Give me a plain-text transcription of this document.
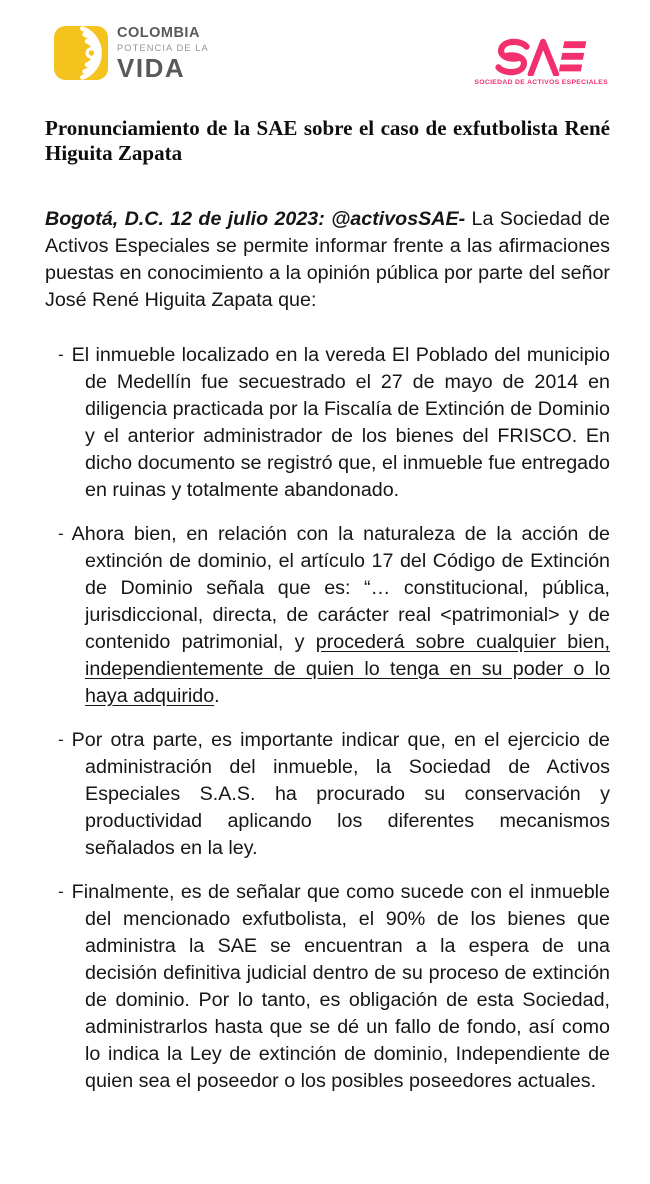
COLOMBIA
POTENCIA DE LA
VIDA	SOCIEDAD DE ACTIVOS ESPECIALES
Pronunciamiento de la SAE sobre el caso de exfutbolista René Higuita Zapata

Bogotá, D.C. 12 de julio 2023: @activosSAE- La Sociedad de Activos Especiales se permite informar frente a las afirmaciones puestas en conocimiento a la opinión pública por parte del señor José René Higuita Zapata que:

- El inmueble localizado en la vereda El Poblado del municipio de Medellín fue secuestrado el 27 de mayo de 2014 en diligencia practicada por la Fiscalía de Extinción de Dominio y el anterior administrador de los bienes del FRISCO. En dicho documento se registró que, el inmueble fue entregado en ruinas y totalmente abandonado.

- Ahora bien, en relación con la naturaleza de la acción de extinción de dominio, el artículo 17 del Código de Extinción de Dominio señala que es: “… constitucional, pública, jurisdiccional, directa, de carácter real <patrimonial> y de contenido patrimonial, y procederá sobre cualquier bien, independientemente de quien lo tenga en su poder o lo haya adquirido.

- Por otra parte, es importante indicar que, en el ejercicio de administración del inmueble, la Sociedad de Activos Especiales S.A.S. ha procurado su conservación y productividad aplicando los diferentes mecanismos señalados en la ley.

- Finalmente, es de señalar que como sucede con el inmueble del mencionado exfutbolista, el 90% de los bienes que administra la SAE se encuentran a la espera de una decisión definitiva judicial dentro de su proceso de extinción de dominio. Por lo tanto, es obligación de esta Sociedad, administrarlos hasta que se dé un fallo de fondo, así como lo indica la Ley de extinción de dominio, Independiente de quien sea el poseedor o los posibles poseedores actuales.
